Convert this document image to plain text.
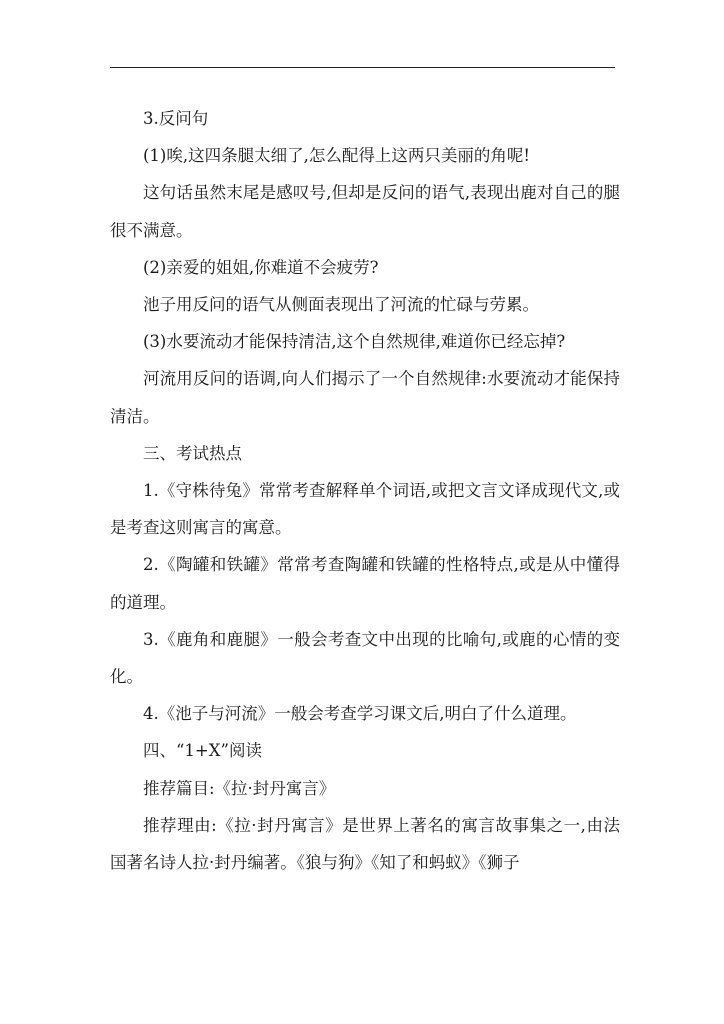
3.反问句

(1)唉,这四条腿太细了,怎么配得上这两只美丽的角呢!

这句话虽然末尾是感叹号,但却是反问的语气,表现出鹿对自己的腿很不满意。

(2)亲爱的姐姐,你难道不会疲劳?

池子用反问的语气从侧面表现出了河流的忙碌与劳累。

(3)水要流动才能保持清洁,这个自然规律,难道你已经忘掉?

河流用反问的语调,向人们揭示了一个自然规律:水要流动才能保持清洁。

三、考试热点

1.《守株待兔》常常考查解释单个词语,或把文言文译成现代文,或是考查这则寓言的寓意。

2.《陶罐和铁罐》常常考查陶罐和铁罐的性格特点,或是从中懂得的道理。

3.《鹿角和鹿腿》一般会考查文中出现的比喻句,或鹿的心情的变化。

4.《池子与河流》一般会考查学习课文后,明白了什么道理。

四、“1+X”阅读

推荐篇目:《拉·封丹寓言》

推荐理由:《拉·封丹寓言》是世界上著名的寓言故事集之一,由法国著名诗人拉·封丹编著。《狼与狗》《知了和蚂蚁》《狮子
